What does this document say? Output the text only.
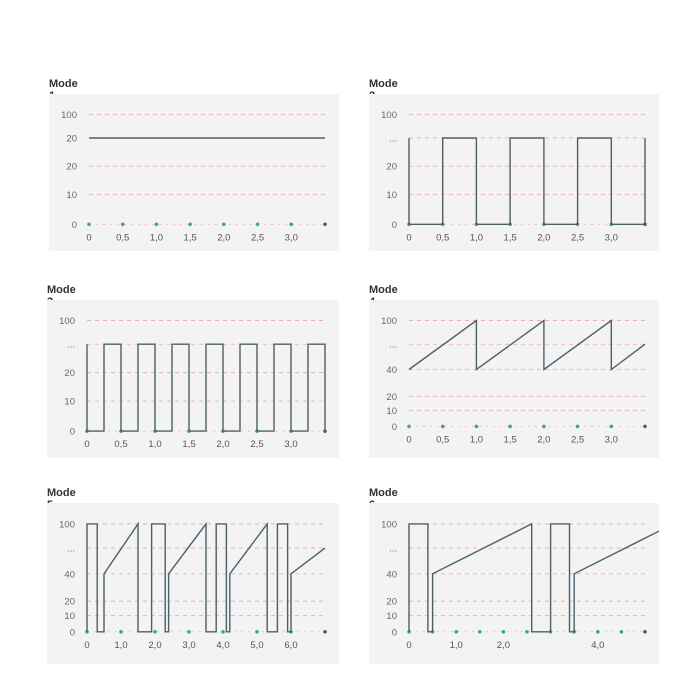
Mode
100
20
20
10
0
0	0,5 1,0 1,5 2,0 2,5 3,0
Mode
100
...
20
10
0
0	0,5 1,0 1,5 2,0 2,5 3,0
Mode
100
...
20
10
0
0	0,5 1,0 1,5 2,0 2,5 3,0
Mode
100
...
40
20
10
0
0	0,5 1,0 1,5 2,0 2,5 3,0
Mode
100
...
40
20
10
0
0	1,0 2,0 3,0 4,0 5,0 6,0
Mode
100
...
40
20
10
0
0	1,0	2,0	4,0
